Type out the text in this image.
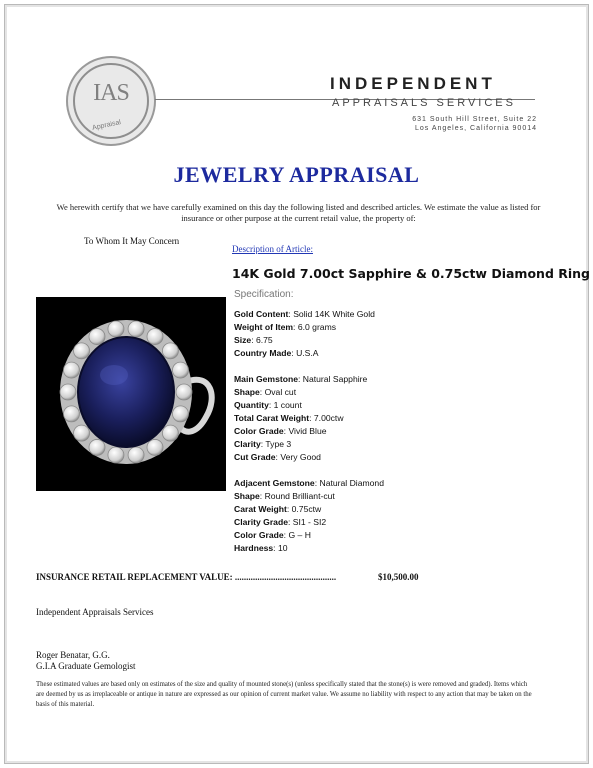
IAS
Appraisal
INDEPENDENT
APPRAISALS SERVICES
631 South Hill Street, Suite 22
Los Angeles, California 90014
JEWELRY APPRAISAL
We herewith certify that we have carefully examined on this day the following listed and described articles. We estimate the value as listed for insurance or other purpose at the current retail value, the property of:
To Whom It May Concern
Description of Article:
14K Gold 7.00ct Sapphire & 0.75ctw Diamond Ring
Specification:
Gold Content: Solid 14K White Gold
Weight of Item: 6.0 grams
Size: 6.75
Country Made: U.S.A
Main Gemstone: Natural Sapphire
Shape: Oval cut
Quantity: 1 count
Total Carat Weight: 7.00ctw
Color Grade: Vivid Blue
Clarity: Type 3
Cut Grade: Very Good
Adjacent Gemstone: Natural Diamond
Shape: Round Brilliant-cut
Carat Weight: 0.75ctw
Clarity Grade: SI1 - SI2
Color Grade: G – H
Hardness: 10
INSURANCE RETAIL REPLACEMENT VALUE: .............................................	$10,500.00
Independent Appraisals Services
Roger Benatar, G.G.
G.I.A Graduate Gemologist
These estimated values are based only on estimates of the size and quality of mounted stone(s) (unless specifically stated that the stone(s) is were removed and graded). Items which are deemed by us as irreplaceable or antique in nature are expressed as our opinion of current market value. We assume no liability with respect to any action that may be taken on the basis of this material.
